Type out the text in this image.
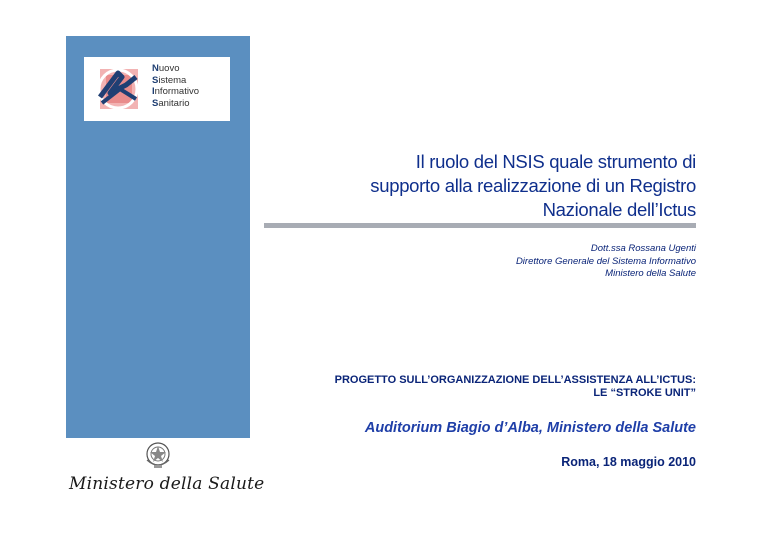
Nuovo
Sistema
Informativo
Sanitario
Il ruolo del NSIS quale strumento di
supporto alla realizzazione di un Registro
Nazionale dell’Ictus
Dott.ssa Rossana Ugenti
Direttore Generale del Sistema Informativo
Ministero della Salute
PROGETTO SULL’ORGANIZZAZIONE DELL’ASSISTENZA ALL’ICTUS:
LE “STROKE UNIT”
Auditorium Biagio d’Alba, Ministero della Salute
Roma, 18 maggio 2010
Ministero della Salute
